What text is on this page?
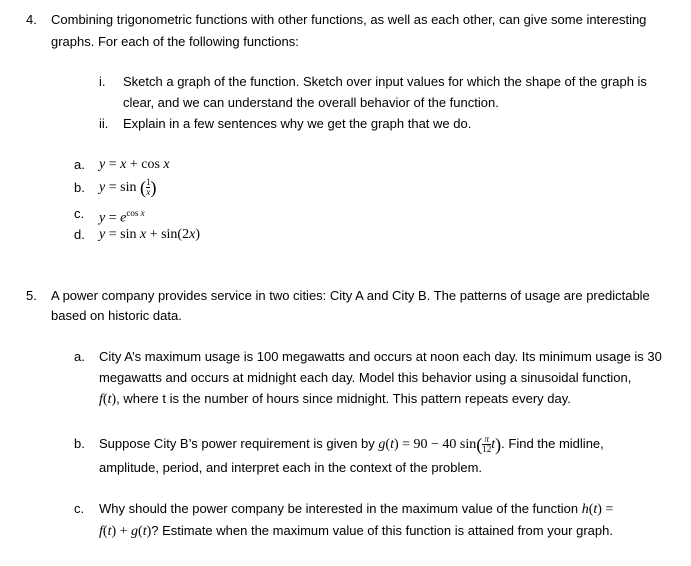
4. Combining trigonometric functions with other functions, as well as each other, can give some interesting
graphs. For each of the following functions:
i. Sketch a graph of the function. Sketch over input values for which the shape of the graph is
clear, and we can understand the overall behavior of the function.
ii. Explain in a few sentences why we get the graph that we do.
a. y = x + cos x
b. y = sin ( $\frac{1}{x}$ )
c. $y = e^{cos x}$
d. y = sin x + sin(2x)
5. A power company provides service in two cities: City A and City B. The patterns of usage are predictable
based on historic data.
a. City A’s maximum usage is 100 megawatts and occurs at noon each day. Its minimum usage is 30
megawatts and occurs at midnight each day. Model this behavior using a sinusoidal function,
f(t), where t is the number of hours since midnight. This pattern repeats every day.
b. Suppose City B’s power requirement is given by g(t) = 90 − 40 $\sin( \frac{\pi}{12} t)$. Find the midline,
amplitude, period, and interpret each in the context of the problem.
c. Why should the power company be interested in the maximum value of the function h(t) =
f(t) + g(t)? Estimate when the maximum value of this function is attained from your graph.
